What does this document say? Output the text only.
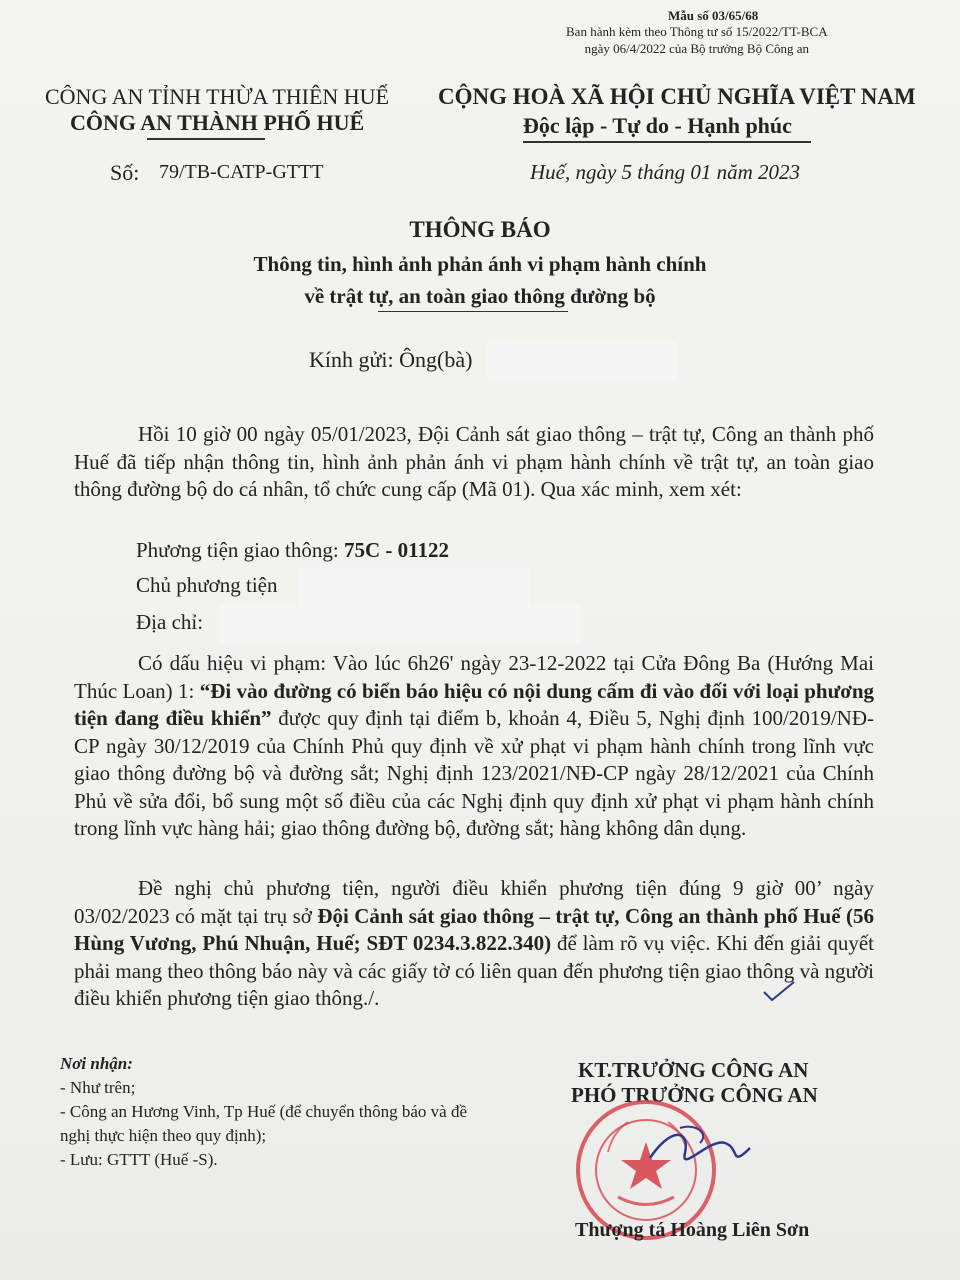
Mẫu số 03/65/68
Ban hành kèm theo Thông tư số 15/2022/TT-BCA
ngày 06/4/2022 của Bộ trưởng Bộ Công an
CÔNG AN TỈNH THỪA THIÊN HUẾ
CÔNG AN THÀNH PHỐ HUẾ
CỘNG HOÀ XÃ HỘI CHỦ NGHĨA VIỆT NAM
Độc lập - Tự do - Hạnh phúc
Số: 79/TB-CATP-GTTT	Huế, ngày 5 tháng 01 năm 2023
THÔNG BÁO
Thông tin, hình ảnh phản ánh vi phạm hành chính
về trật tự, an toàn giao thông đường bộ
Kính gửi: Ông(bà)

Hồi 10 giờ 00 ngày 05/01/2023, Đội Cảnh sát giao thông – trật tự, Công an thành phố Huế đã tiếp nhận thông tin, hình ảnh phản ánh vi phạm hành chính về trật tự, an toàn giao thông đường bộ do cá nhân, tổ chức cung cấp (Mã 01). Qua xác minh, xem xét:

Phương tiện giao thông: 75C - 01122
Chủ phương tiện
Địa chỉ:

Có dấu hiệu vi phạm: Vào lúc 6h26' ngày 23-12-2022 tại Cửa Đông Ba (Hướng Mai Thúc Loan) 1: “Đi vào đường có biển báo hiệu có nội dung cấm đi vào đối với loại phương tiện đang điều khiển” được quy định tại điểm b, khoản 4, Điều 5, Nghị định 100/2019/NĐ-CP ngày 30/12/2019 của Chính Phủ quy định về xử phạt vi phạm hành chính trong lĩnh vực giao thông đường bộ và đường sắt; Nghị định 123/2021/NĐ-CP ngày 28/12/2021 của Chính Phủ về sửa đổi, bổ sung một số điều của các Nghị định quy định xử phạt vi phạm hành chính trong lĩnh vực hàng hải; giao thông đường bộ, đường sắt; hàng không dân dụng.

Đề nghị chủ phương tiện, người điều khiển phương tiện đúng 9 giờ 00’ ngày 03/02/2023 có mặt tại trụ sở Đội Cảnh sát giao thông – trật tự, Công an thành phố Huế (56 Hùng Vương, Phú Nhuận, Huế; SĐT 0234.3.822.340) để làm rõ vụ việc. Khi đến giải quyết phải mang theo thông báo này và các giấy tờ có liên quan đến phương tiện giao thông và người điều khiển phương tiện giao thông./.

Nơi nhận:
- Như trên;
- Công an Hương Vinh, Tp Huế (để chuyển thông báo và đề nghị thực hiện theo quy định);
- Lưu: GTTT (Huế -S).
KT.TRƯỞNG CÔNG AN
PHÓ TRƯỞNG CÔNG AN
Thượng tá Hoàng Liên Sơn
